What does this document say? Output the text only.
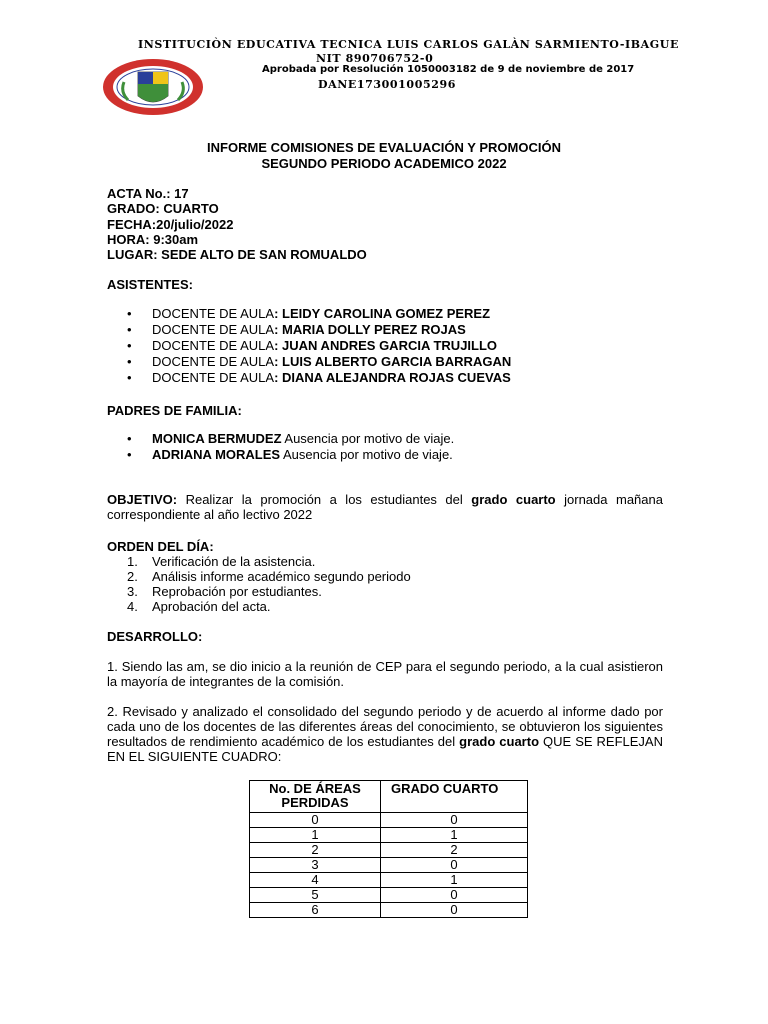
INSTITUCIÒN EDUCATIVA TECNICA LUIS CARLOS GALÀN SARMIENTO-IBAGUE
NIT 890706752-0
Aprobada por Resolución 1050003182 de 9 de noviembre de 2017
DANE173001005296
INFORME COMISIONES DE EVALUACIÓN Y PROMOCIÓN
SEGUNDO PERIODO ACADEMICO 2022
ACTA No.: 17
GRADO: CUARTO
FECHA:20/julio/2022
HORA: 9:30am
LUGAR: SEDE ALTO DE SAN ROMUALDO
ASISTENTES:
• DOCENTE DE AULA: LEIDY CAROLINA GOMEZ PEREZ
• DOCENTE DE AULA: MARIA DOLLY PEREZ ROJAS
• DOCENTE DE AULA: JUAN ANDRES GARCIA TRUJILLO
• DOCENTE DE AULA: LUIS ALBERTO GARCIA BARRAGAN
• DOCENTE DE AULA: DIANA ALEJANDRA ROJAS CUEVAS
PADRES DE FAMILIA:
• MONICA BERMUDEZ Ausencia por motivo de viaje.
• ADRIANA MORALES Ausencia por motivo de viaje.
OBJETIVO: Realizar la promoción a los estudiantes del grado cuarto jornada mañana correspondiente al año lectivo 2022
ORDEN DEL DÍA:
1. Verificación de la asistencia.
2. Análisis informe académico segundo periodo
3. Reprobación por estudiantes.
4. Aprobación del acta.
DESARROLLO:
1. Siendo las am, se dio inicio a la reunión de CEP para el segundo periodo, a la cual asistieron la mayoría de integrantes de la comisión.
2. Revisado y analizado el consolidado del segundo periodo y de acuerdo al informe dado por cada uno de los docentes de las diferentes áreas del conocimiento, se obtuvieron los siguientes resultados de rendimiento académico de los estudiantes del grado cuarto QUE SE REFLEJAN EN EL SIGUIENTE CUADRO:
No. DE ÁREAS PERDIDAS	GRADO CUARTO
0	0
1	1
2	2
3	0
4	1
5	0
6	0
